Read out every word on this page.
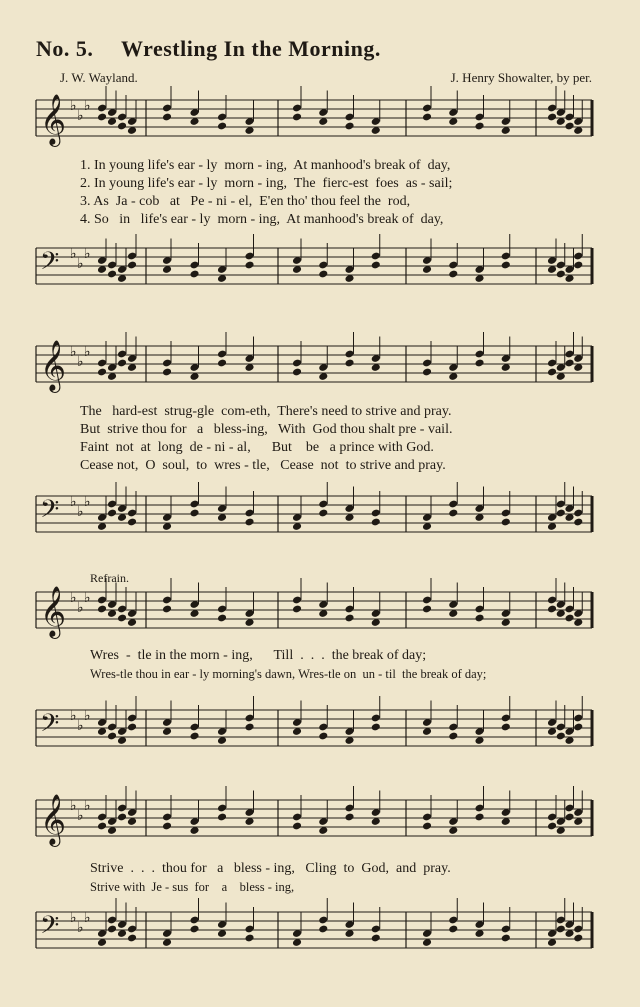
No. 5. Wrestling In the Morning.
J. W. Wayland.	J. Henry Showalter, by per.
𝄞 ♭
♭
♭
1. In young life's ear - ly  morn - ing,  At manhood's break of  day,
2. In young life's ear - ly  morn - ing,  The  fierc-est  foes  as - sail;
3. As  Ja - cob   at   Pe - ni - el,  E'en tho' thou feel the  rod,
4. So   in   life's ear - ly  morn - ing,  At manhood's break of  day,
𝄢 ♭
♭
♭
𝄞 ♭
♭
♭
The   hard-est  strug-gle  com-eth,  There's need to strive and pray.
But  strive thou for   a   bless-ing,   With  God thou shalt pre - vail.
Faint  not  at  long  de - ni - al,      But    be   a prince with God.
Cease not,  O  soul,  to  wres - tle,   Cease  not  to strive and pray.
𝄢 ♭
♭
♭
Refrain.
𝄞 ♭
♭
♭
Wres  -  tle in the morn - ing,      Till  .  .  .  the break of day;
Wres-tle thou in ear - ly morning's dawn, Wres-tle on  un - til  the break of day;
𝄢 ♭
♭
♭
𝄞 ♭
♭
♭
Strive  .  .  .  thou for   a   bless - ing,   Cling  to  God,  and  pray.
Strive with  Je - sus  for    a    bless - ing,
𝄢 ♭
♭
♭
